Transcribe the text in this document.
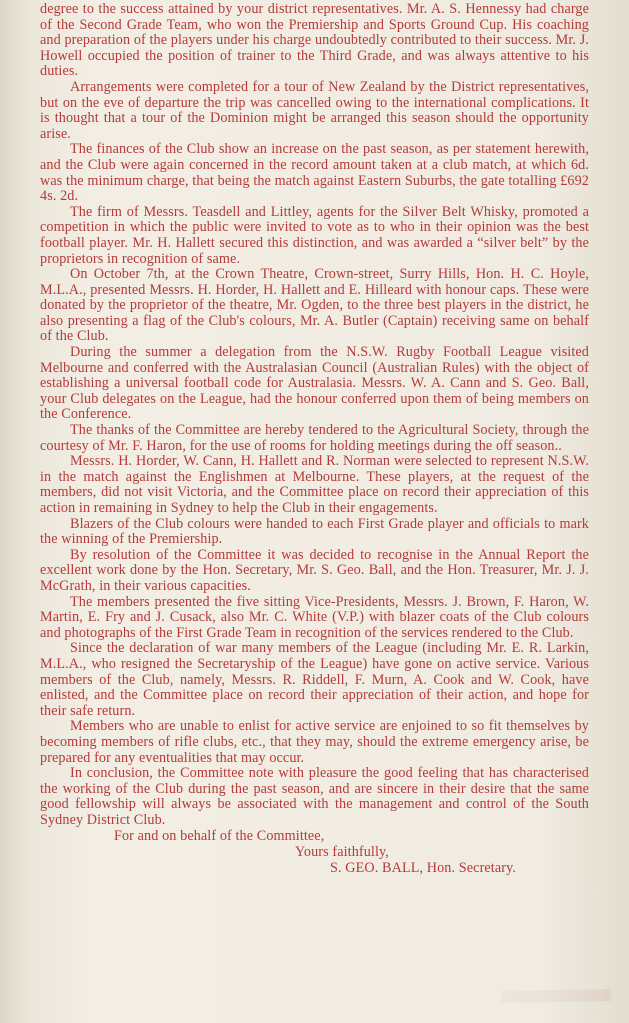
degree to the success attained by your district representatives. Mr. A. S. Hennessy had charge of the Second Grade Team, who won the Premiership and Sports Ground Cup. His coaching and preparation of the players under his charge undoubtedly contributed to their success. Mr. J. Howell occupied the position of trainer to the Third Grade, and was always attentive to his duties.

Arrangements were completed for a tour of New Zealand by the District representatives, but on the eve of departure the trip was cancelled owing to the international complications. It is thought that a tour of the Dominion might be arranged this season should the opportunity arise.

The finances of the Club show an increase on the past season, as per statement herewith, and the Club were again concerned in the record amount taken at a club match, at which 6d. was the minimum charge, that being the match against Eastern Suburbs, the gate totalling £692 4s. 2d.

The firm of Messrs. Teasdell and Littley, agents for the Silver Belt Whisky, promoted a competition in which the public were invited to vote as to who in their opinion was the best football player. Mr. H. Hallett secured this distinction, and was awarded a “silver belt” by the proprietors in recognition of same.

On October 7th, at the Crown Theatre, Crown-street, Surry Hills, Hon. H. C. Hoyle, M.L.A., presented Messrs. H. Horder, H. Hallett and E. Hilleard with honour caps. These were donated by the proprietor of the theatre, Mr. Ogden, to the three best players in the district, he also presenting a flag of the Club's colours, Mr. A. Butler (Captain) receiving same on behalf of the Club.

During the summer a delegation from the N.S.W. Rugby Football League visited Melbourne and conferred with the Australasian Council (Australian Rules) with the object of establishing a universal football code for Australasia. Messrs. W. A. Cann and S. Geo. Ball, your Club delegates on the League, had the honour conferred upon them of being members on the Conference.

The thanks of the Committee are hereby tendered to the Agricultural Society, through the courtesy of Mr. F. Haron, for the use of rooms for holding meetings during the off season..

Messrs. H. Horder, W. Cann, H. Hallett and R. Norman were selected to represent N.S.W. in the match against the Englishmen at Melbourne. These players, at the request of the members, did not visit Victoria, and the Committee place on record their appreciation of this action in remaining in Sydney to help the Club in their engagements.

Blazers of the Club colours were handed to each First Grade player and officials to mark the winning of the Premiership.

By resolution of the Committee it was decided to recognise in the Annual Report the excellent work done by the Hon. Secretary, Mr. S. Geo. Ball, and the Hon. Treasurer, Mr. J. J. McGrath, in their various capacities.

The members presented the five sitting Vice-Presidents, Messrs. J. Brown, F. Haron, W. Martin, E. Fry and J. Cusack, also Mr. C. White (V.P.) with blazer coats of the Club colours and photographs of the First Grade Team in recognition of the services rendered to the Club.

Since the declaration of war many members of the League (including Mr. E. R. Larkin, M.L.A., who resigned the Secretaryship of the League) have gone on active service. Various members of the Club, namely, Messrs. R. Riddell, F. Murn, A. Cook and W. Cook, have enlisted, and the Committee place on record their appreciation of their action, and hope for their safe return.

Members who are unable to enlist for active service are enjoined to so fit themselves by becoming members of rifle clubs, etc., that they may, should the extreme emergency arise, be prepared for any eventualities that may occur.

In conclusion, the Committee note with pleasure the good feeling that has characterised the working of the Club during the past season, and are sincere in their desire that the same good fellowship will always be associated with the management and control of the South Sydney District Club.

For and on behalf of the Committee,

Yours faithfully,

S. GEO. BALL, Hon. Secretary.
